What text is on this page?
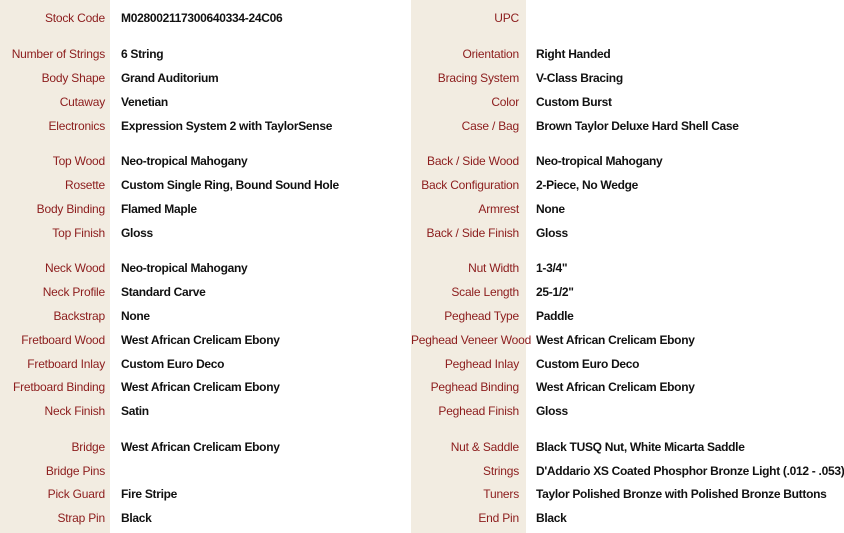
Stock Code M028002117300640334-24C06
Number of Strings 6 String
Body Shape Grand Auditorium
Cutaway Venetian
Electronics Expression System 2 with TaylorSense
Top Wood Neo-tropical Mahogany
Rosette Custom Single Ring, Bound Sound Hole
Body Binding Flamed Maple
Top Finish Gloss
Neck Wood Neo-tropical Mahogany
Neck Profile Standard Carve
Backstrap None
Fretboard Wood West African Crelicam Ebony
Fretboard Inlay Custom Euro Deco
Fretboard Binding West African Crelicam Ebony
Neck Finish Satin
Bridge West African Crelicam Ebony
Bridge Pins
Pick Guard Fire Stripe
Strap Pin Black
UPC
Orientation Right Handed
Bracing System V-Class Bracing
Color Custom Burst
Case / Bag Brown Taylor Deluxe Hard Shell Case
Back / Side Wood Neo-tropical Mahogany
Back Configuration 2-Piece, No Wedge
Armrest None
Back / Side Finish Gloss
Nut Width 1-3/4"
Scale Length 25-1/2"
Peghead Type Paddle
Peghead Veneer Wood West African Crelicam Ebony
Peghead Inlay Custom Euro Deco
Peghead Binding West African Crelicam Ebony
Peghead Finish Gloss
Nut & Saddle Black TUSQ Nut, White Micarta Saddle
Strings D'Addario XS Coated Phosphor Bronze Light (.012 - .053)
Tuners Taylor Polished Bronze with Polished Bronze Buttons
End Pin Black
